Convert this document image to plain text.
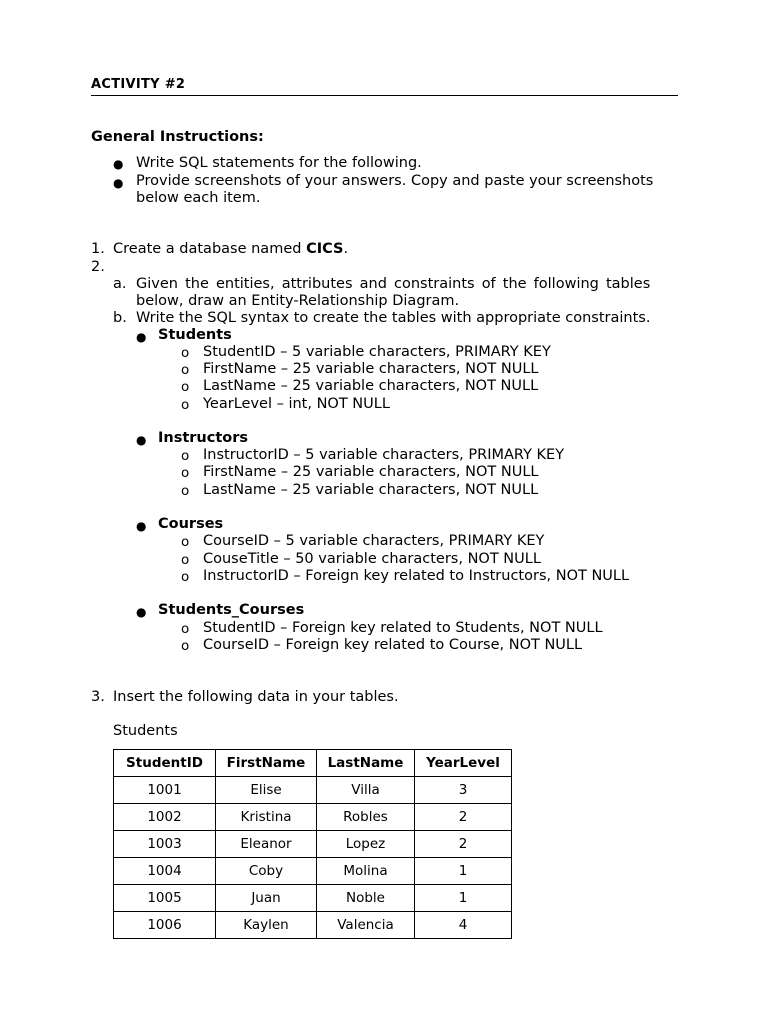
ACTIVITY #2
General Instructions:
● Write SQL statements for the following.
● Provide screenshots of your answers. Copy and paste your screenshots
below each item.
1. Create a database named CICS.
2.
a. Given the entities, attributes and constraints of the following tables
below, draw an Entity-Relationship Diagram.
b. Write the SQL syntax to create the tables with appropriate constraints.
● Students
o StudentID – 5 variable characters, PRIMARY KEY
o FirstName – 25 variable characters, NOT NULL
o LastName – 25 variable characters, NOT NULL
o YearLevel – int, NOT NULL
● Instructors
o InstructorID – 5 variable characters, PRIMARY KEY
o FirstName – 25 variable characters, NOT NULL
o LastName – 25 variable characters, NOT NULL
● Courses
o CourseID – 5 variable characters, PRIMARY KEY
o CouseTitle – 50 variable characters, NOT NULL
o InstructorID – Foreign key related to Instructors, NOT NULL
● Students_Courses
o StudentID – Foreign key related to Students, NOT NULL
o CourseID – Foreign key related to Course, NOT NULL
3. Insert the following data in your tables.
Students
StudentID	FirstName	LastName	YearLevel
1001	Elise	Villa	3
1002	Kristina	Robles	2
1003	Eleanor	Lopez	2
1004	Coby	Molina	1
1005	Juan	Noble	1
1006	Kaylen	Valencia	4
